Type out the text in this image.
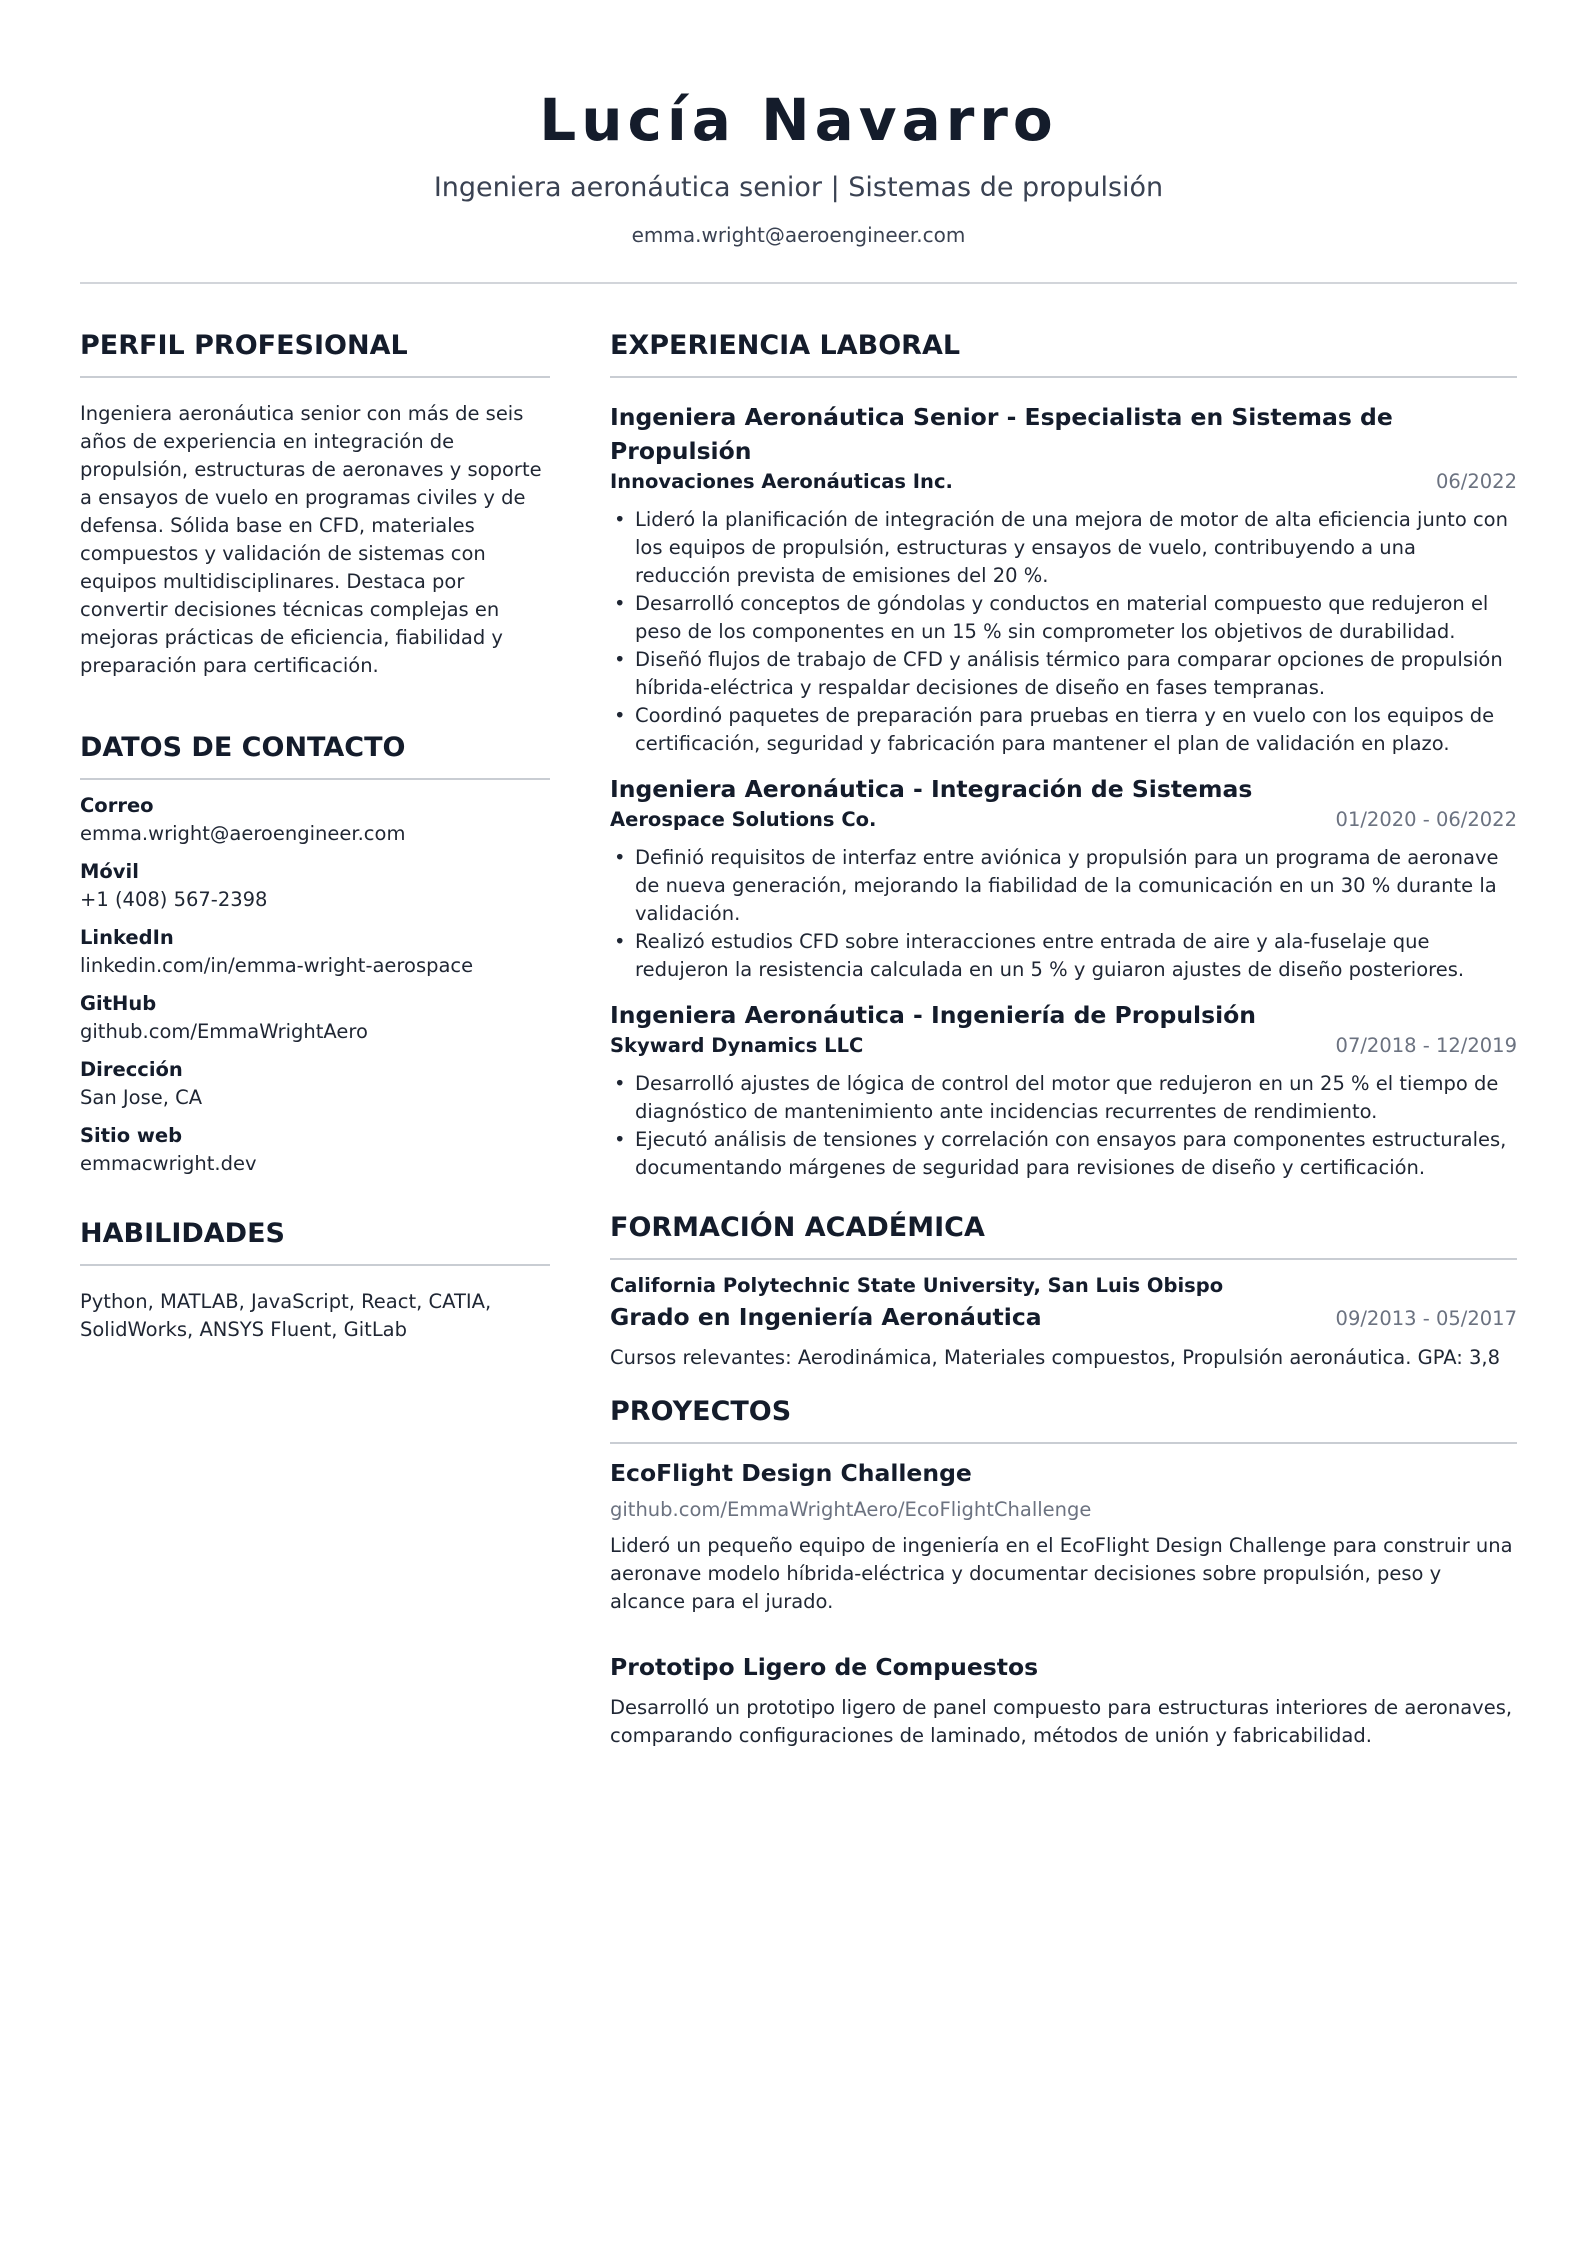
Lucía Navarro
Ingeniera aeronáutica senior | Sistemas de propulsión
emma.wright@aeroengineer.com
PERFIL PROFESIONAL
Ingeniera aeronáutica senior con más de seis años de experiencia en integración de propulsión, estructuras de aeronaves y soporte a ensayos de vuelo en programas civiles y de defensa. Sólida base en CFD, materiales compuestos y validación de sistemas con equipos multidisciplinares. Destaca por convertir decisiones técnicas complejas en mejoras prácticas de eficiencia, fiabilidad y preparación para certificación.
DATOS DE CONTACTO
Correo
emma.wright@aeroengineer.com
Móvil
+1 (408) 567-2398
LinkedIn
linkedin.com/in/emma-wright-aerospace
GitHub
github.com/EmmaWrightAero
Dirección
San Jose, CA
Sitio web
emmacwright.dev
HABILIDADES
Python, MATLAB, JavaScript, React, CATIA, SolidWorks, ANSYS Fluent, GitLab
EXPERIENCIA LABORAL
Ingeniera Aeronáutica Senior - Especialista en Sistemas de Propulsión
Innovaciones Aeronáuticas Inc.	06/2022
• Lideró la planificación de integración de una mejora de motor de alta eficiencia junto con los equipos de propulsión, estructuras y ensayos de vuelo, contribuyendo a una reducción prevista de emisiones del 20 %.
• Desarrolló conceptos de góndolas y conductos en material compuesto que redujeron el peso de los componentes en un 15 % sin comprometer los objetivos de durabilidad.
• Diseñó flujos de trabajo de CFD y análisis térmico para comparar opciones de propulsión híbrida-eléctrica y respaldar decisiones de diseño en fases tempranas.
• Coordinó paquetes de preparación para pruebas en tierra y en vuelo con los equipos de certificación, seguridad y fabricación para mantener el plan de validación en plazo.
Ingeniera Aeronáutica - Integración de Sistemas
Aerospace Solutions Co.	01/2020 - 06/2022
• Definió requisitos de interfaz entre aviónica y propulsión para un programa de aeronave de nueva generación, mejorando la fiabilidad de la comunicación en un 30 % durante la validación.
• Realizó estudios CFD sobre interacciones entre entrada de aire y ala-fuselaje que redujeron la resistencia calculada en un 5 % y guiaron ajustes de diseño posteriores.
Ingeniera Aeronáutica - Ingeniería de Propulsión
Skyward Dynamics LLC	07/2018 - 12/2019
• Desarrolló ajustes de lógica de control del motor que redujeron en un 25 % el tiempo de diagnóstico de mantenimiento ante incidencias recurrentes de rendimiento.
• Ejecutó análisis de tensiones y correlación con ensayos para componentes estructurales, documentando márgenes de seguridad para revisiones de diseño y certificación.
FORMACIÓN ACADÉMICA
California Polytechnic State University, San Luis Obispo
Grado en Ingeniería Aeronáutica	09/2013 - 05/2017
Cursos relevantes: Aerodinámica, Materiales compuestos, Propulsión aeronáutica. GPA: 3,8
PROYECTOS
EcoFlight Design Challenge
github.com/EmmaWrightAero/EcoFlightChallenge
Lideró un pequeño equipo de ingeniería en el EcoFlight Design Challenge para construir una aeronave modelo híbrida-eléctrica y documentar decisiones sobre propulsión, peso y alcance para el jurado.
Prototipo Ligero de Compuestos
Desarrolló un prototipo ligero de panel compuesto para estructuras interiores de aeronaves, comparando configuraciones de laminado, métodos de unión y fabricabilidad.
